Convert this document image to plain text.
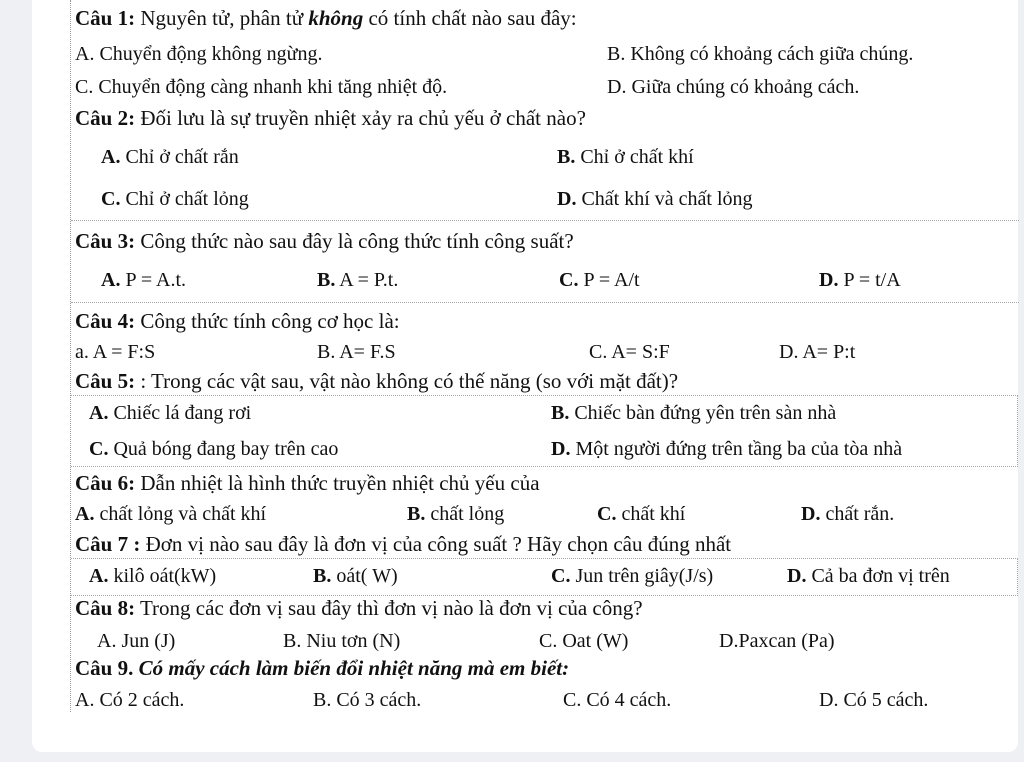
Câu 1: Nguyên tử, phân tử không có tính chất nào sau đây:
A. Chuyển động không ngừng.	B. Không có khoảng cách giữa chúng.
C. Chuyển động càng nhanh khi tăng nhiệt độ.	D. Giữa chúng có khoảng cách.
Câu 2: Đối lưu là sự truyền nhiệt xảy ra chủ yếu ở chất nào?
A. Chỉ ở chất rắn	B. Chỉ ở chất khí
C. Chỉ ở chất lỏng	D. Chất khí và chất lỏng
Câu 3: Công thức nào sau đây là công thức tính công suất?
A. P = A.t.	B. A = P.t.	C. P = A/t	D. P = t/A
Câu 4: Công thức tính công cơ học là:
a. A = F:S	B. A= F.S	C. A= S:F	D. A= P:t
Câu 5: : Trong các vật sau, vật nào không có thế năng (so với mặt đất)?
A. Chiếc lá đang rơi	B. Chiếc bàn đứng yên trên sàn nhà
C. Quả bóng đang bay trên cao	D. Một người đứng trên tầng ba của tòa nhà
Câu 6: Dẫn nhiệt là hình thức truyền nhiệt chủ yếu của
A. chất lỏng và chất khí	B. chất lỏng	C. chất khí	D. chất rắn.
Câu 7 : Đơn vị nào sau đây là đơn vị của công suất ? Hãy chọn câu đúng nhất
A. kilô oát(kW)	B. oát( W)	C. Jun trên giây(J/s)	D. Cả ba đơn vị trên
Câu 8: Trong các đơn vị sau đây thì đơn vị nào là đơn vị của công?
A. Jun (J)	B. Niu tơn (N)	C. Oat (W)	D.Paxcan (Pa)
Câu 9. Có mấy cách làm biến đổi nhiệt năng mà em biết:
A. Có 2 cách.	B. Có 3 cách.	C. Có 4 cách.	D. Có 5 cách.
